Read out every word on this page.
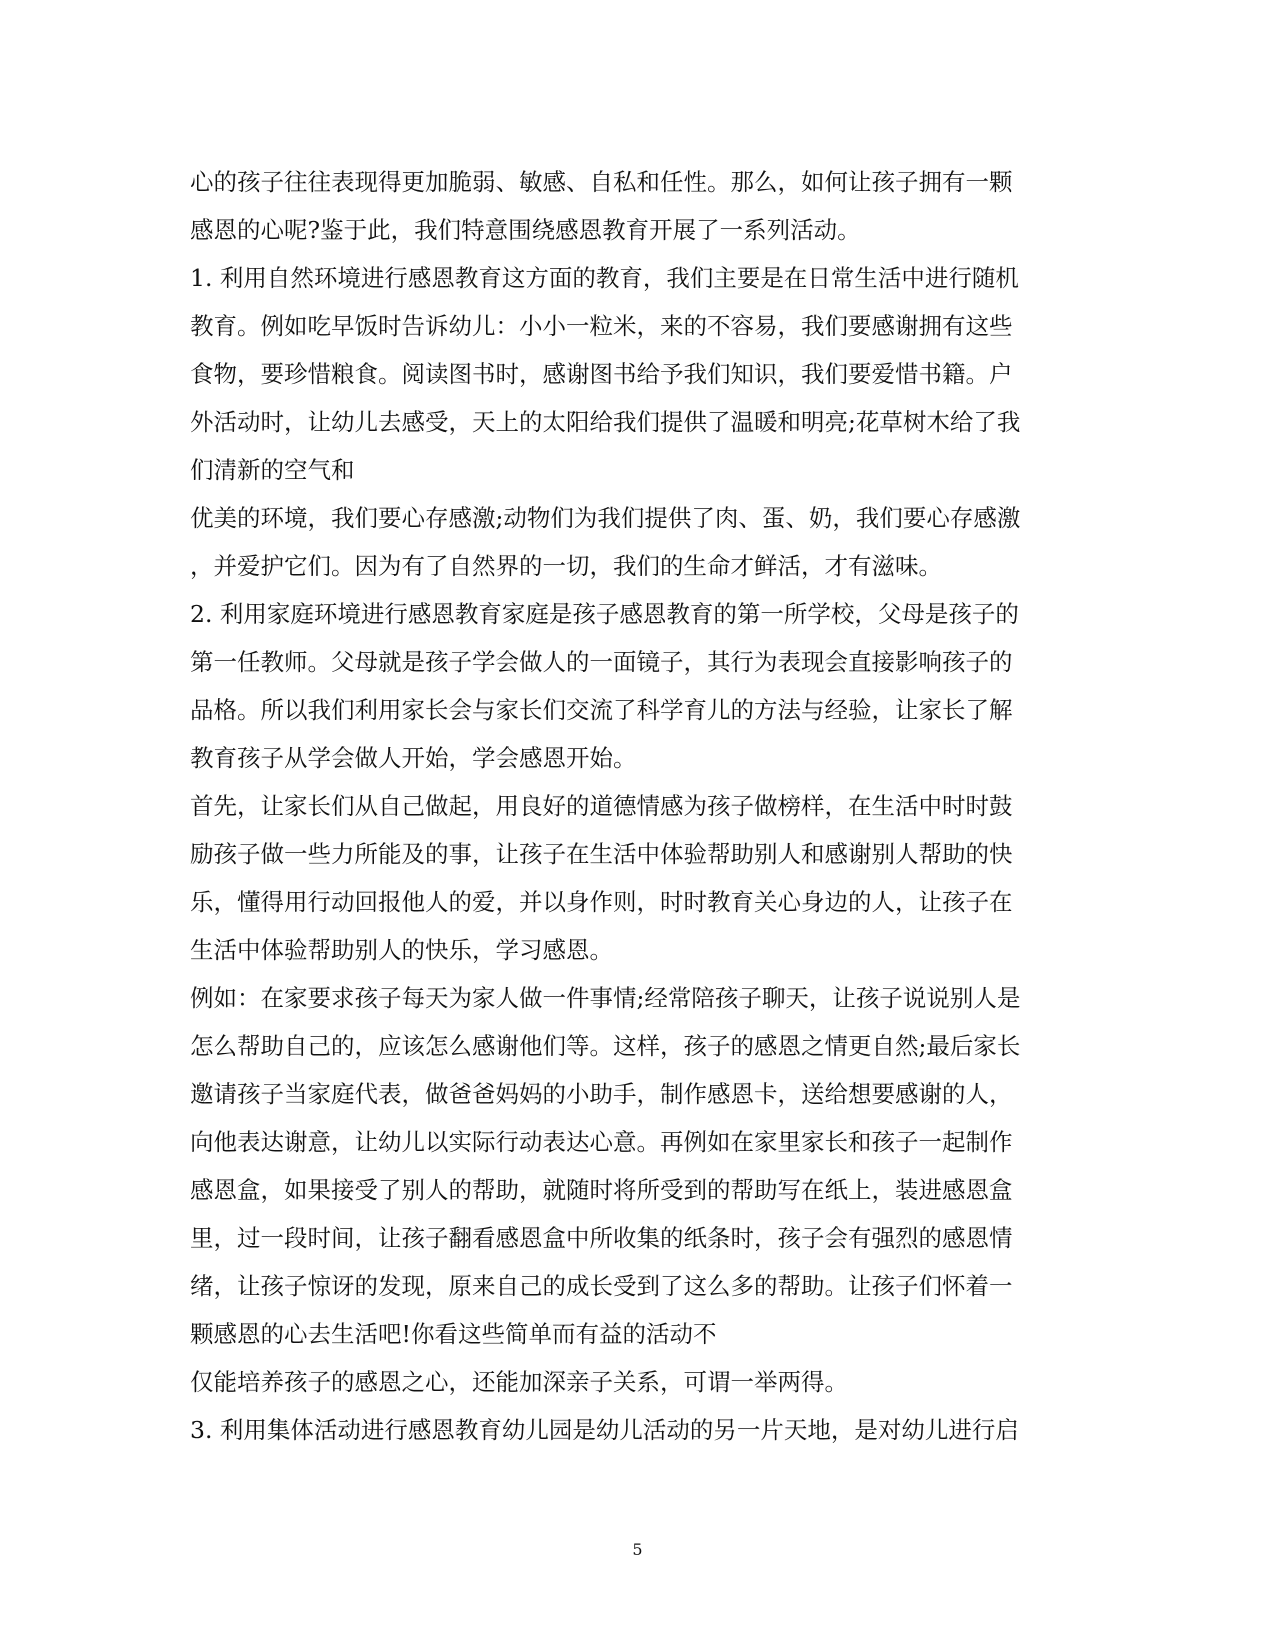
心的孩子往往表现得更加脆弱、敏感、自私和任性。那么，如何让孩子拥有一颗
感恩的心呢?鉴于此，我们特意围绕感恩教育开展了一系列活动。
1. 利用自然环境进行感恩教育这方面的教育，我们主要是在日常生活中进行随机
教育。例如吃早饭时告诉幼儿：小小一粒米，来的不容易，我们要感谢拥有这些
食物，要珍惜粮食。阅读图书时，感谢图书给予我们知识，我们要爱惜书籍。户
外活动时，让幼儿去感受，天上的太阳给我们提供了温暖和明亮;花草树木给了我
们清新的空气和
优美的环境，我们要心存感激;动物们为我们提供了肉、蛋、奶，我们要心存感激
，并爱护它们。因为有了自然界的一切，我们的生命才鲜活，才有滋味。
2. 利用家庭环境进行感恩教育家庭是孩子感恩教育的第一所学校，父母是孩子的
第一任教师。父母就是孩子学会做人的一面镜子，其行为表现会直接影响孩子的
品格。所以我们利用家长会与家长们交流了科学育儿的方法与经验，让家长了解
教育孩子从学会做人开始，学会感恩开始。
首先，让家长们从自己做起，用良好的道德情感为孩子做榜样，在生活中时时鼓
励孩子做一些力所能及的事，让孩子在生活中体验帮助别人和感谢别人帮助的快
乐，懂得用行动回报他人的爱，并以身作则，时时教育关心身边的人，让孩子在
生活中体验帮助别人的快乐，学习感恩。
例如：在家要求孩子每天为家人做一件事情;经常陪孩子聊天，让孩子说说别人是
怎么帮助自己的，应该怎么感谢他们等。这样，孩子的感恩之情更自然;最后家长
邀请孩子当家庭代表，做爸爸妈妈的小助手，制作感恩卡，送给想要感谢的人，
向他表达谢意，让幼儿以实际行动表达心意。再例如在家里家长和孩子一起制作
感恩盒，如果接受了别人的帮助，就随时将所受到的帮助写在纸上，装进感恩盒
里，过一段时间，让孩子翻看感恩盒中所收集的纸条时，孩子会有强烈的感恩情
绪，让孩子惊讶的发现，原来自己的成长受到了这么多的帮助。让孩子们怀着一
颗感恩的心去生活吧!你看这些简单而有益的活动不
仅能培养孩子的感恩之心，还能加深亲子关系，可谓一举两得。
3. 利用集体活动进行感恩教育幼儿园是幼儿活动的另一片天地，是对幼儿进行启
5
